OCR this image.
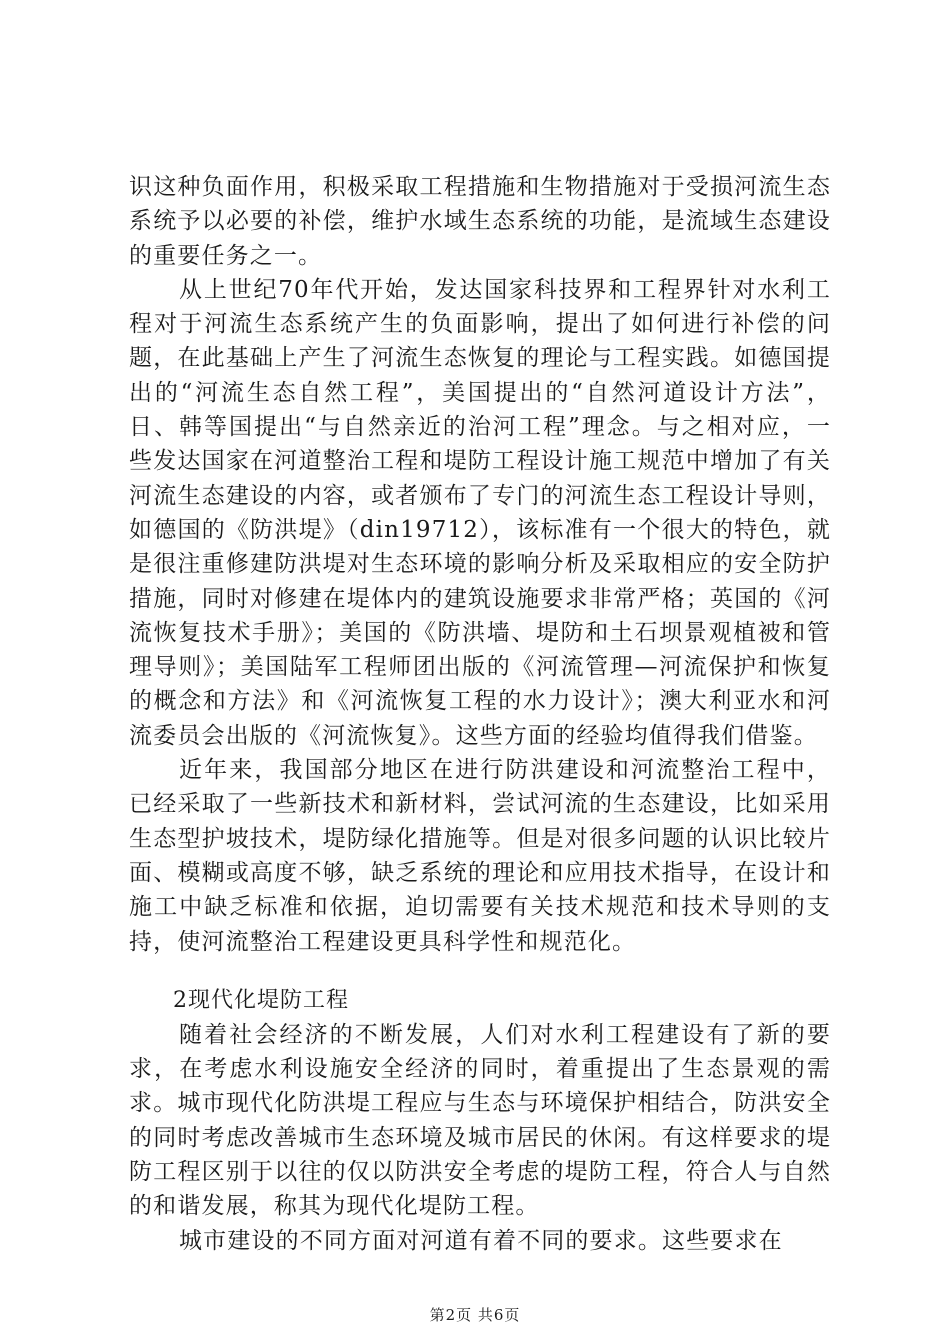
识这种负面作用，积极采取工程措施和生物措施对于受损河流生态系统予以必要的补偿，维护水域生态系统的功能，是流域生态建设的重要任务之一。

从上世纪70年代开始，发达国家科技界和工程界针对水利工程对于河流生态系统产生的负面影响，提出了如何进行补偿的问题，在此基础上产生了河流生态恢复的理论与工程实践。如德国提出的“河流生态自然工程”，美国提出的“自然河道设计方法”，日、韩等国提出“与自然亲近的治河工程”理念。与之相对应，一些发达国家在河道整治工程和堤防工程设计施工规范中增加了有关河流生态建设的内容，或者颁布了专门的河流生态工程设计导则，如德国的《防洪堤》（din19712），该标准有一个很大的特色，就是很注重修建防洪堤对生态环境的影响分析及采取相应的安全防护措施，同时对修建在堤体内的建筑设施要求非常严格；英国的《河流恢复技术手册》；美国的《防洪墙、堤防和土石坝景观植被和管理导则》；美国陆军工程师团出版的《河流管理—河流保护和恢复的概念和方法》和《河流恢复工程的水力设计》；澳大利亚水和河流委员会出版的《河流恢复》。这些方面的经验均值得我们借鉴。

近年来，我国部分地区在进行防洪建设和河流整治工程中，已经采取了一些新技术和新材料，尝试河流的生态建设，比如采用生态型护坡技术，堤防绿化措施等。但是对很多问题的认识比较片面、模糊或高度不够，缺乏系统的理论和应用技术指导，在设计和施工中缺乏标准和依据，迫切需要有关技术规范和技术导则的支持，使河流整治工程建设更具科学性和规范化。

2现代化堤防工程

随着社会经济的不断发展，人们对水利工程建设有了新的要求，在考虑水利设施安全经济的同时，着重提出了生态景观的需求。城市现代化防洪堤工程应与生态与环境保护相结合，防洪安全的同时考虑改善城市生态环境及城市居民的休闲。有这样要求的堤防工程区别于以往的仅以防洪安全考虑的堤防工程，符合人与自然的和谐发展，称其为现代化堤防工程。

城市建设的不同方面对河道有着不同的要求。这些要求在

第2页 共6页
